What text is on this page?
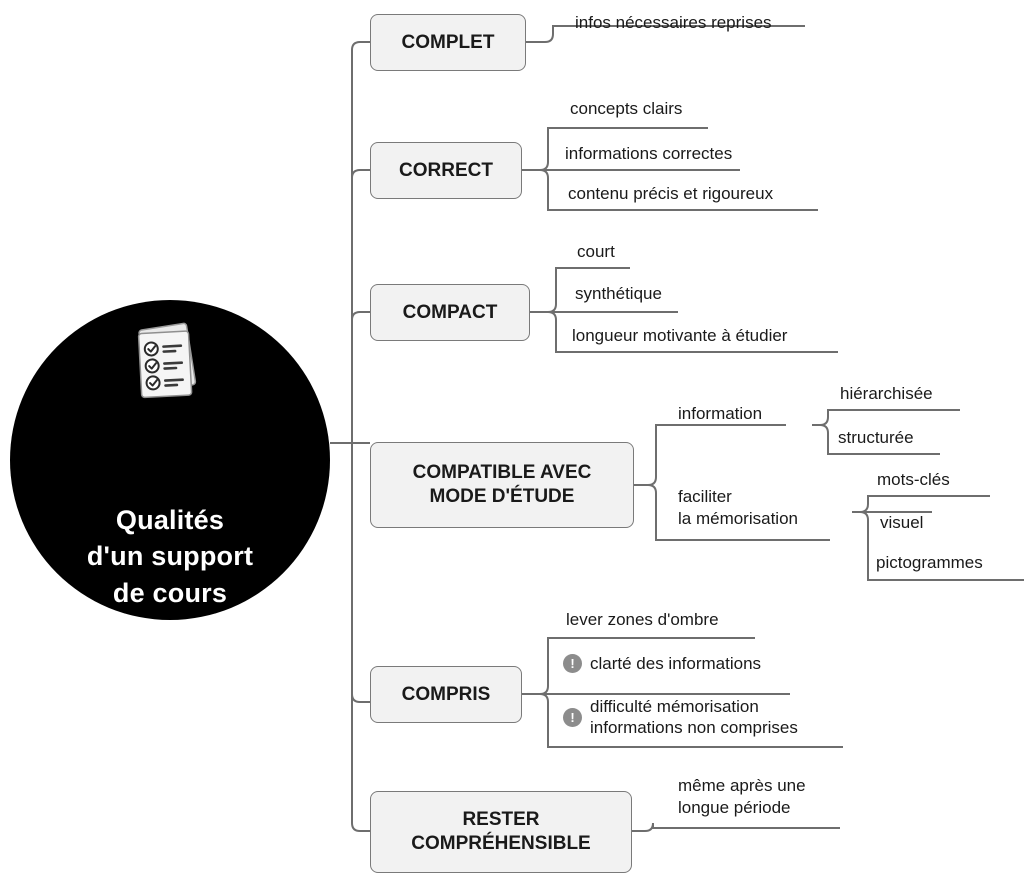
Qualités
d'un support
de cours
COMPLET
infos nécessaires reprises
CORRECT
concepts clairs
informations correctes
contenu précis et rigoureux
COMPACT
court
synthétique
longueur motivante à étudier
COMPATIBLE AVEC
MODE D'ÉTUDE
information
faciliter
la mémorisation
hiérarchisée
structurée
mots-clés
visuel
pictogrammes
COMPRIS
lever zones d'ombre
! clarté des informations
!
difficulté mémorisation
informations non comprises
RESTER
COMPRÉHENSIBLE
même après une
longue période
